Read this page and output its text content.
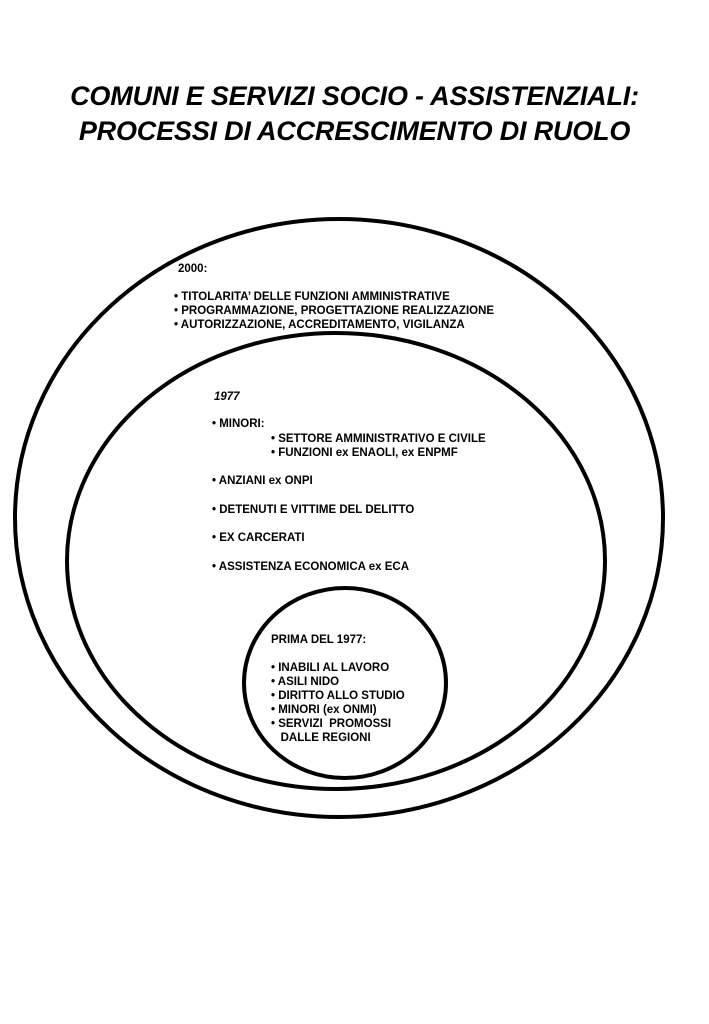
COMUNI E SERVIZI SOCIO - ASSISTENZIALI:
PROCESSI DI ACCRESCIMENTO DI RUOLO
2000:
• TITOLARITA’ DELLE FUNZIONI AMMINISTRATIVE
• PROGRAMMAZIONE, PROGETTAZIONE REALIZZAZIONE
• AUTORIZZAZIONE, ACCREDITAMENTO, VIGILANZA
1977
• MINORI:
• SETTORE AMMINISTRATIVO E CIVILE
• FUNZIONI ex ENAOLI, ex ENPMF
• ANZIANI ex ONPI
• DETENUTI E VITTIME DEL DELITTO
• EX CARCERATI
• ASSISTENZA ECONOMICA ex ECA
PRIMA DEL 1977:
• INABILI AL LAVORO
• ASILI NIDO
• DIRITTO ALLO STUDIO
• MINORI (ex ONMI)
• SERVIZI  PROMOSSI
DALLE REGIONI
